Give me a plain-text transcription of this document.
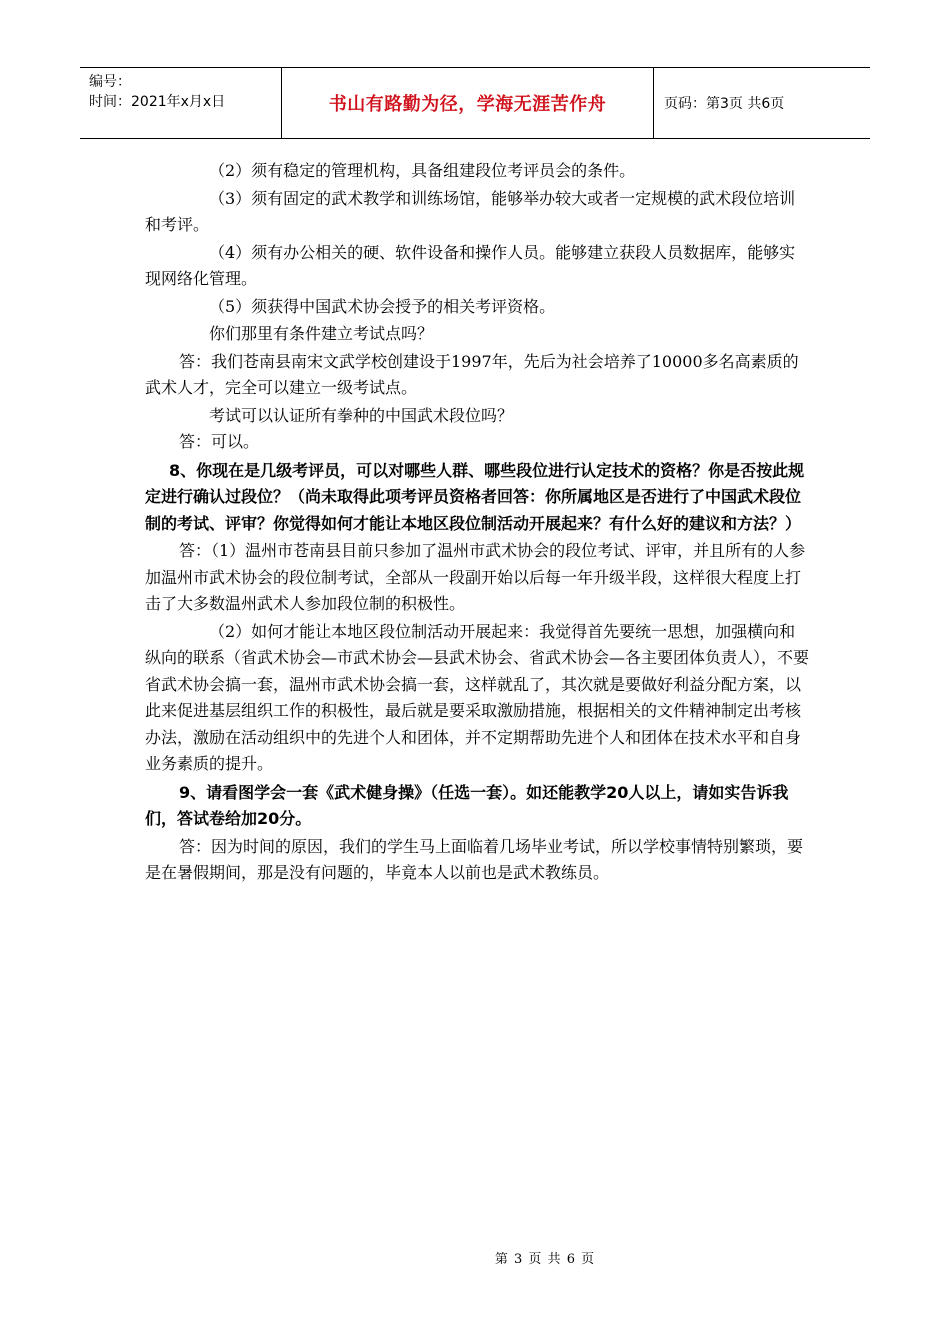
编号：
时间：2021年x月x日	书山有路勤为径，学海无涯苦作舟	页码：第3页 共6页

（2）须有稳定的管理机构，具备组建段位考评员会的条件。

（3）须有固定的武术教学和训练场馆，能够举办较大或者一定规模的武术段位培训和考评。

（4）须有办公相关的硬、软件设备和操作人员。能够建立获段人员数据库，能够实现网络化管理。

（5）须获得中国武术协会授予的相关考评资格。

你们那里有条件建立考试点吗？

答：我们苍南县南宋文武学校创建设于1997年，先后为社会培养了10000多名高素质的武术人才，完全可以建立一级考试点。

考试可以认证所有拳种的中国武术段位吗？

答：可以。

8、你现在是几级考评员，可以对哪些人群、哪些段位进行认定技术的资格？你是否按此规定进行确认过段位？（尚未取得此项考评员资格者回答：你所属地区是否进行了中国武术段位制的考试、评审？你觉得如何才能让本地区段位制活动开展起来？有什么好的建议和方法？）

答：（1）温州市苍南县目前只参加了温州市武术协会的段位考试、评审，并且所有的人参加温州市武术协会的段位制考试，全部从一段副开始以后每一年升级半段，这样很大程度上打击了大多数温州武术人参加段位制的积极性。

（2）如何才能让本地区段位制活动开展起来：我觉得首先要统一思想，加强横向和纵向的联系（省武术协会—市武术协会—县武术协会、省武术协会—各主要团体负责人），不要省武术协会搞一套，温州市武术协会搞一套，这样就乱了，其次就是要做好利益分配方案，以此来促进基层组织工作的积极性，最后就是要采取激励措施，根据相关的文件精神制定出考核办法，激励在活动组织中的先进个人和团体，并不定期帮助先进个人和团体在技术水平和自身业务素质的提升。

9、请看图学会一套《武术健身操》（任选一套）。如还能教学20人以上，请如实告诉我们，答试卷给加20分。

答：因为时间的原因，我们的学生马上面临着几场毕业考试，所以学校事情特别繁琐，要是在暑假期间，那是没有问题的，毕竟本人以前也是武术教练员。

第 3 页 共 6 页
